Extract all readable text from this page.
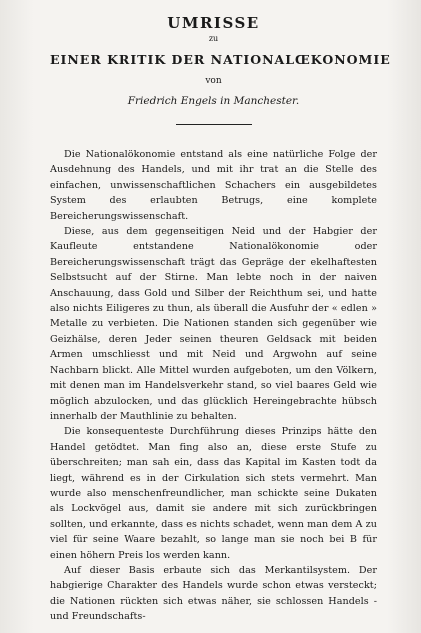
UMRISSE
zu
EINER KRITIK DER NATIONALŒKONOMIE
von
Friedrich Engels in Manchester.

Die Nationalökonomie entstand als eine natürliche Folge der Ausdehnung des Handels, und mit ihr trat an die Stelle des einfachen, unwissenschaftlichen Schachers ein ausgebildetes System des erlaubten Betrugs, eine komplete Bereicherungswissenschaft.

Diese, aus dem gegenseitigen Neid und der Habgier der Kaufleute entstandene Nationalökonomie oder Bereicherungswissenschaft trägt das Gepräge der ekelhaftesten Selbstsucht auf der Stirne. Man lebte noch in der naiven Anschauung, dass Gold und Silber der Reichthum sei, und hatte also nichts Eiligeres zu thun, als überall die Ausfuhr der « edlen » Metalle zu verbieten. Die Nationen standen sich gegenüber wie Geizhälse, deren Jeder seinen theuren Geldsack mit beiden Armen umschliesst und mit Neid und Argwohn auf seine Nachbarn blickt. Alle Mittel wurden aufgeboten, um den Völkern, mit denen man im Handelsverkehr stand, so viel baares Geld wie möglich abzulocken, und das glücklich Hereingebrachte hübsch innerhalb der Mauthlinie zu behalten.

Die konsequenteste Durchführung dieses Prinzips hätte den Handel getödtet. Man fing also an, diese erste Stufe zu überschreiten; man sah ein, dass das Kapital im Kasten todt da liegt, während es in der Cirkulation sich stets vermehrt. Man wurde also menschenfreundlicher, man schickte seine Dukaten als Lockvögel aus, damit sie andere mit sich zurückbringen sollten, und erkannte, dass es nichts schadet, wenn man dem A zu viel für seine Waare bezahlt, so lange man sie noch bei B für einen höhern Preis los werden kann.

Auf dieser Basis erbaute sich das Merkantilsystem. Der habgierige Charakter des Handels wurde schon etwas versteckt; die Nationen rückten sich etwas näher, sie schlossen Handels - und Freundschafts-
